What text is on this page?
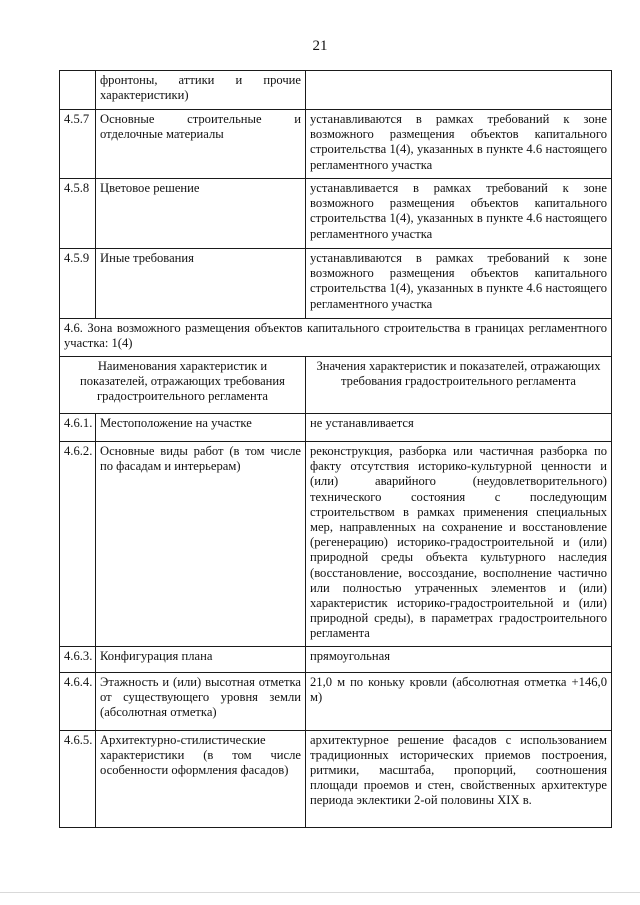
21
	фронтоны, аттики и прочие характеристики)	
4.5.7	Основные строительные и отделочные материалы	устанавливаются в рамках требований к зоне возможного размещения объектов капитального строительства 1(4), указанных в пункте 4.6 настоящего регламентного участка
4.5.8	Цветовое решение	устанавливается в рамках требований к зоне возможного размещения объектов капитального строительства 1(4), указанных в пункте 4.6 настоящего регламентного участка
4.5.9	Иные требования	устанавливаются в рамках требований к зоне возможного размещения объектов капитального строительства 1(4), указанных в пункте 4.6 настоящего регламентного участка
4.6. Зона возможного размещения объектов капитального строительства в границах регламентного участка: 1(4)		
Наименования характеристик и показателей, отражающих требования градостроительного регламента		Значения характеристик и показателей, отражающих требования градостроительного регламента
4.6.1.	Местоположение на участке	не устанавливается
4.6.2.	Основные виды работ (в том числе по фасадам и интерьерам)	реконструкция, разборка или частичная разборка по факту отсутствия историко-культурной ценности и (или) аварийного (неудовлетворительного) технического состояния с последующим строительством в рамках применения специальных мер, направленных на сохранение и восстановление (регенерацию) историко-градостроительной и (или) природной среды объекта культурного наследия (восстановление, воссоздание, восполнение частично или полностью утраченных элементов и (или) характеристик историко-градостроительной и (или) природной среды), в параметрах градостроительного регламента
4.6.3.	Конфигурация плана	прямоугольная
4.6.4.	Этажность и (или) высотная отметка от существующего уровня земли (абсолютная отметка)	21,0 м по коньку кровли (абсолютная отметка +146,0 м)
4.6.5.	Архитектурно-стилистические характеристики (в том числе особенности оформления фасадов)	архитектурное решение фасадов с использованием традиционных исторических приемов построения, ритмики, масштаба, пропорций, соотношения площади проемов и стен, свойственных архитектуре периода эклектики 2-ой половины XIX в.
